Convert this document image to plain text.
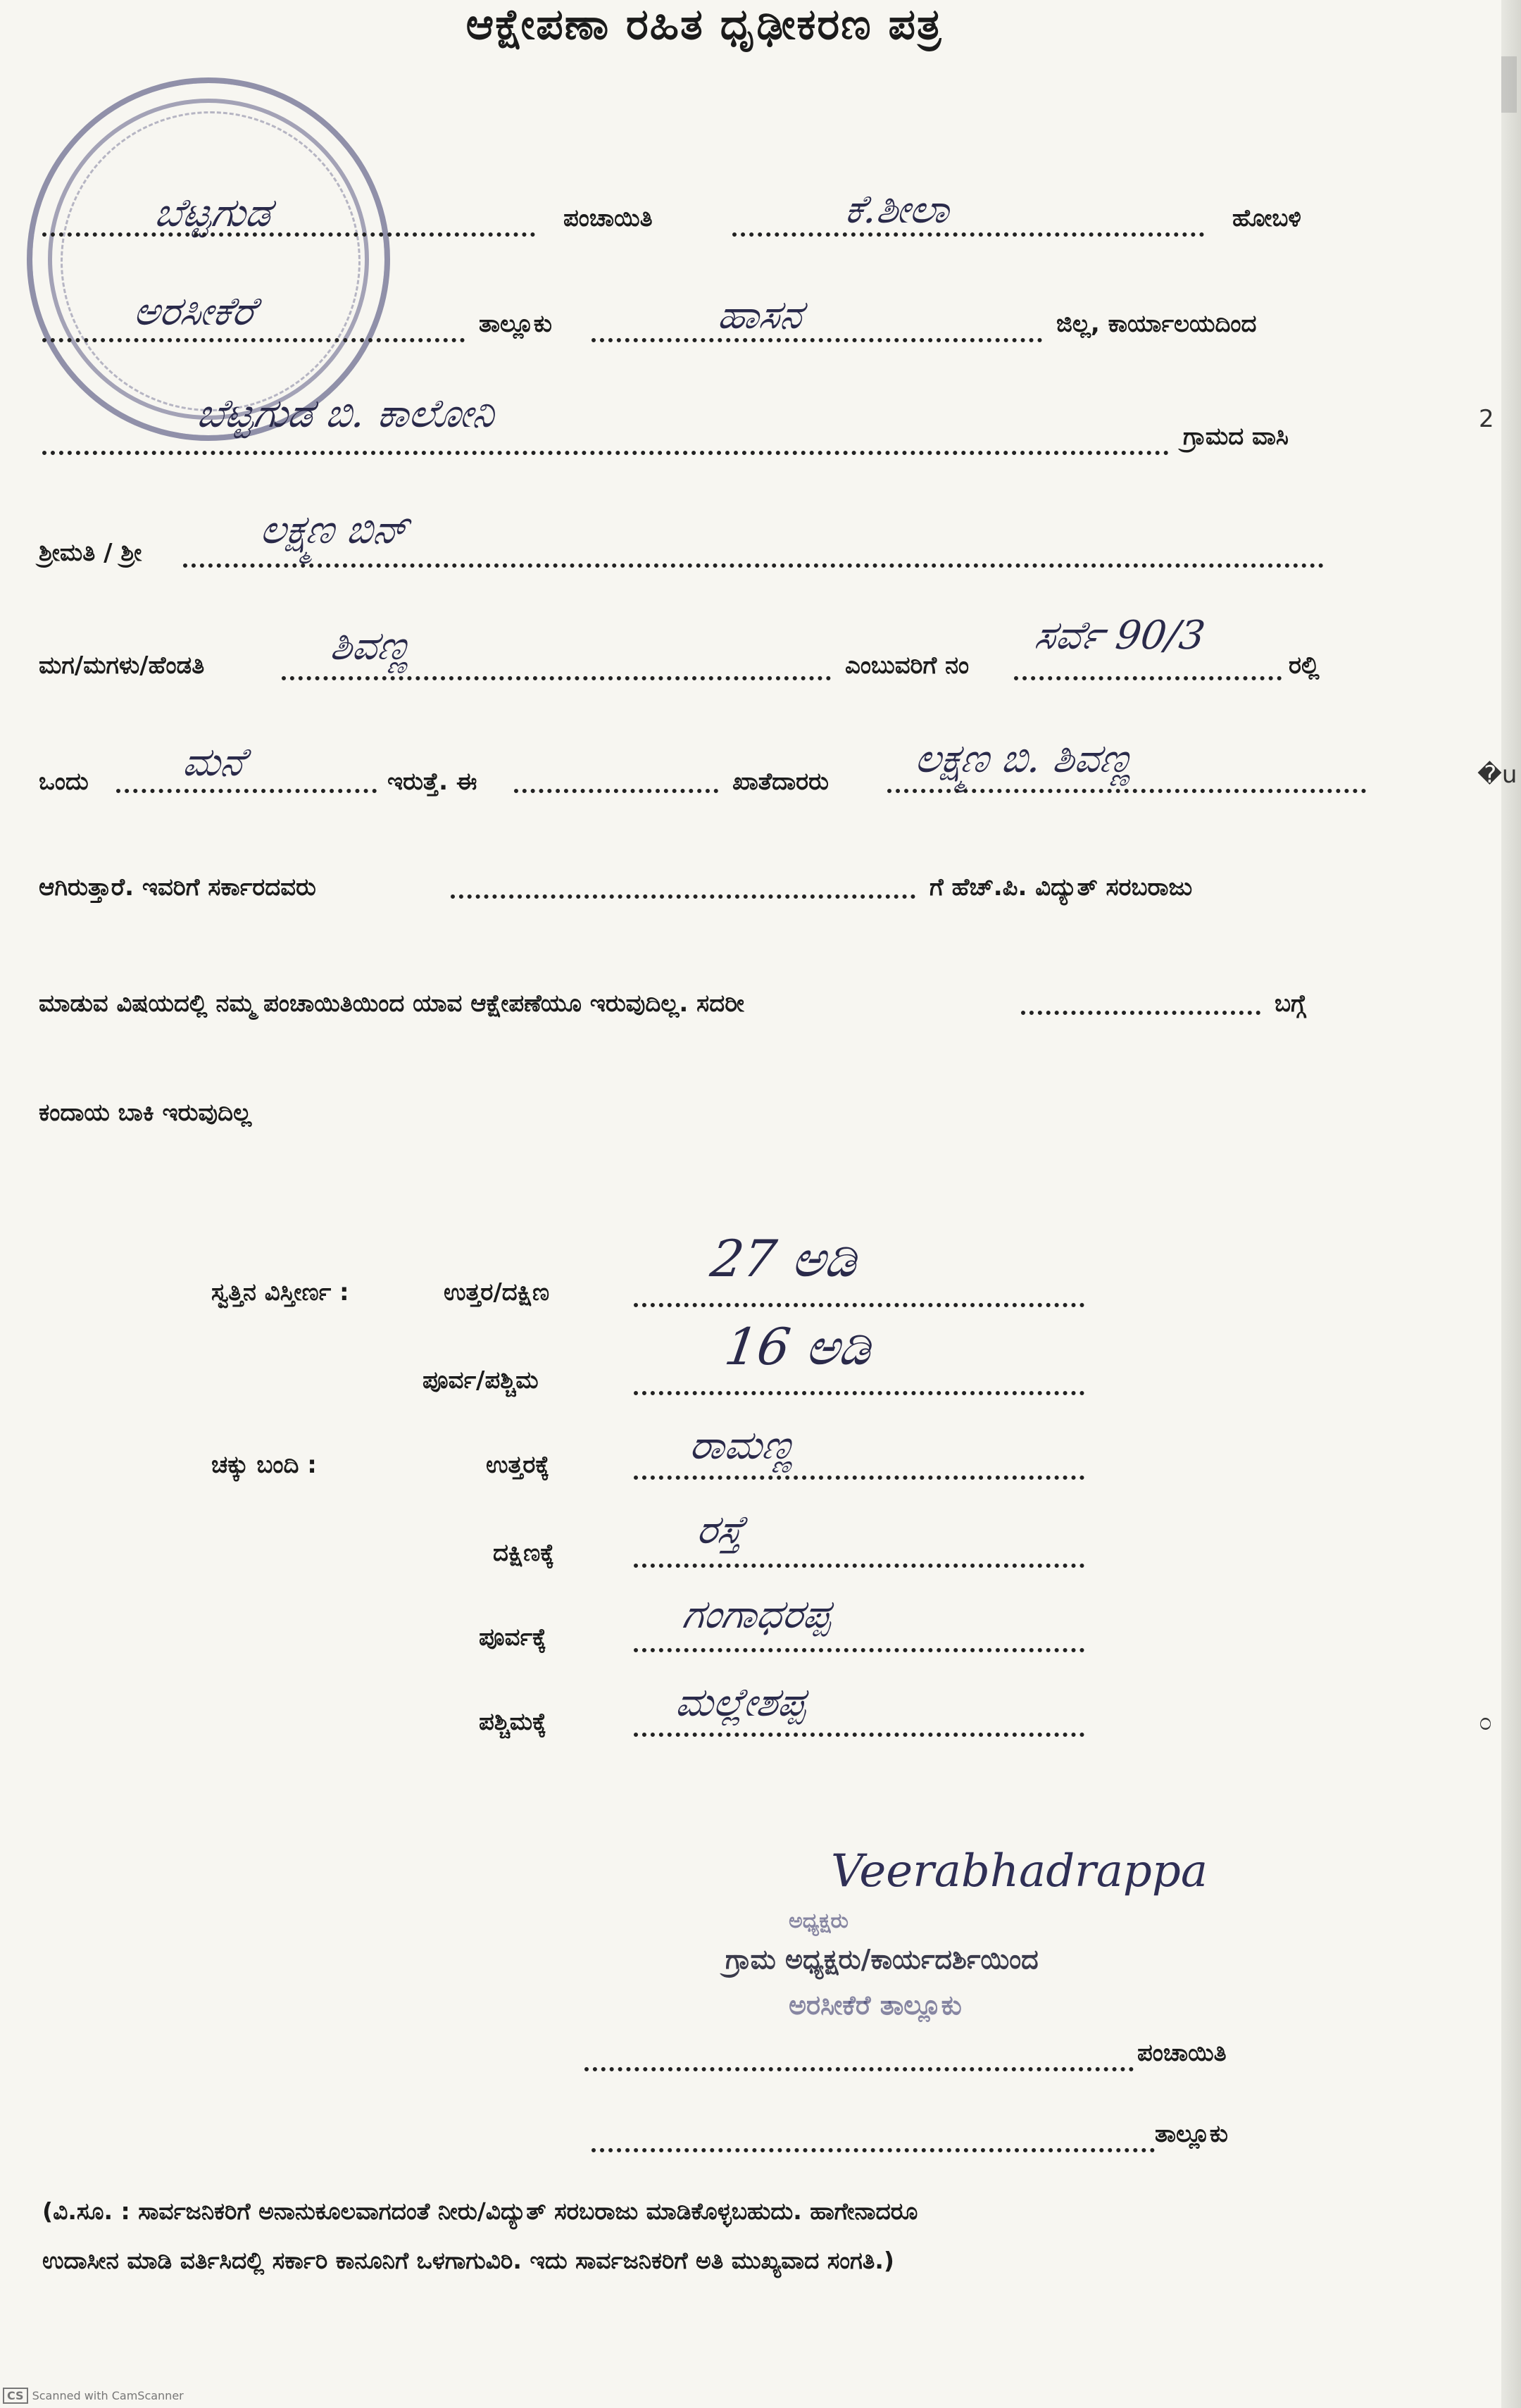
ಆಕ್ಷೇಪಣಾ ರಹಿತ ಧೃಢೀಕರಣ ಪತ್ರ
ಬೆಟ್ಟಗುಡ	ಪಂಚಾಯಿತಿ	ಕೆ.ಶೀಲಾ	ಹೋಬಳಿ
ಅರಸೀಕೆರೆ	ತಾಲ್ಲೂಕು	ಹಾಸನ	ಜಿಲ್ಲ, ಕಾರ್ಯಾಲಯದಿಂದ
ಬೆಟ್ಟಗುಡ ಬಿ. ಕಾಲೋನಿ	ಗ್ರಾಮದ ವಾಸಿ
ಶ್ರೀಮತಿ / ಶ್ರೀ	ಲಕ್ಷ್ಮಣ ಬಿನ್
ಮಗ/ಮಗಳು/ಹೆಂಡತಿ	ಶಿವಣ್ಣ	ಎಂಬುವರಿಗೆ ನಂ
ಸರ್ವೆ 90/3
ರಲ್ಲಿ
ಒಂದು ಮನೆ	ಇರುತ್ತೆ. ಈ	ಖಾತೆದಾರರು ಲಕ್ಷ್ಮಣ ಬಿ. ಶಿವಣ್ಣ
ಆಗಿರುತ್ತಾರೆ. ಇವರಿಗೆ ಸರ್ಕಾರದವರು	ಗೆ ಹೆಚ್.ಪಿ. ವಿದ್ಯುತ್ ಸರಬರಾಜು
ಮಾಡುವ ವಿಷಯದಲ್ಲಿ ನಮ್ಮ ಪಂಚಾಯಿತಿಯಿಂದ ಯಾವ ಆಕ್ಷೇಪಣೆಯೂ ಇರುವುದಿಲ್ಲ. ಸದರೀ	ಬಗ್ಗೆ
ಕಂದಾಯ ಬಾಕಿ ಇರುವುದಿಲ್ಲ
ಸ್ವತ್ತಿನ ವಿಸ್ತೀರ್ಣ :	ಉತ್ತರ/ದಕ್ಷಿಣ
27 ಅಡಿ
ಪೂರ್ವ/ಪಶ್ಚಿಮ
16 ಅಡಿ
ಚಕ್ಕು ಬಂದಿ :	ಉತ್ತರಕ್ಕೆ	ರಾಮಣ್ಣ
ದಕ್ಷಿಣಕ್ಕೆ	ರಸ್ತೆ
ಪೂರ್ವಕ್ಕೆ	ಗಂಗಾಧರಪ್ಪ
ಪಶ್ಚಿಮಕ್ಕೆ	ಮಲ್ಲೇಶಪ್ಪ
Veerabhadrappa
ಅಧ್ಯಕ್ಷರು
ಗ್ರಾಮ ಅಧ್ಯಕ್ಷರು/ಕಾರ್ಯದರ್ಶಿಯಿಂದ
ಅರಸೀಕೆರೆ ತಾಲ್ಲೂಕು
ಪಂಚಾಯಿತಿ
ತಾಲ್ಲೂಕು
(ವಿ.ಸೂ. : ಸಾರ್ವಜನಿಕರಿಗೆ ಅನಾನುಕೂಲವಾಗದಂತೆ ನೀರು/ವಿದ್ಯುತ್ ಸರಬರಾಜು ಮಾಡಿಕೊಳ್ಳಬಹುದು. ಹಾಗೇನಾದರೂ
ಉದಾಸೀನ ಮಾಡಿ ವರ್ತಿಸಿದಲ್ಲಿ ಸರ್ಕಾರಿ ಕಾನೂನಿಗೆ ಒಳಗಾಗುವಿರಿ. ಇದು ಸಾರ್ವಜನಿಕರಿಗೆ ಅತಿ ಮುಖ್ಯವಾದ ಸಂಗತಿ.)
2
�u
೦
CS Scanned with CamScanner
